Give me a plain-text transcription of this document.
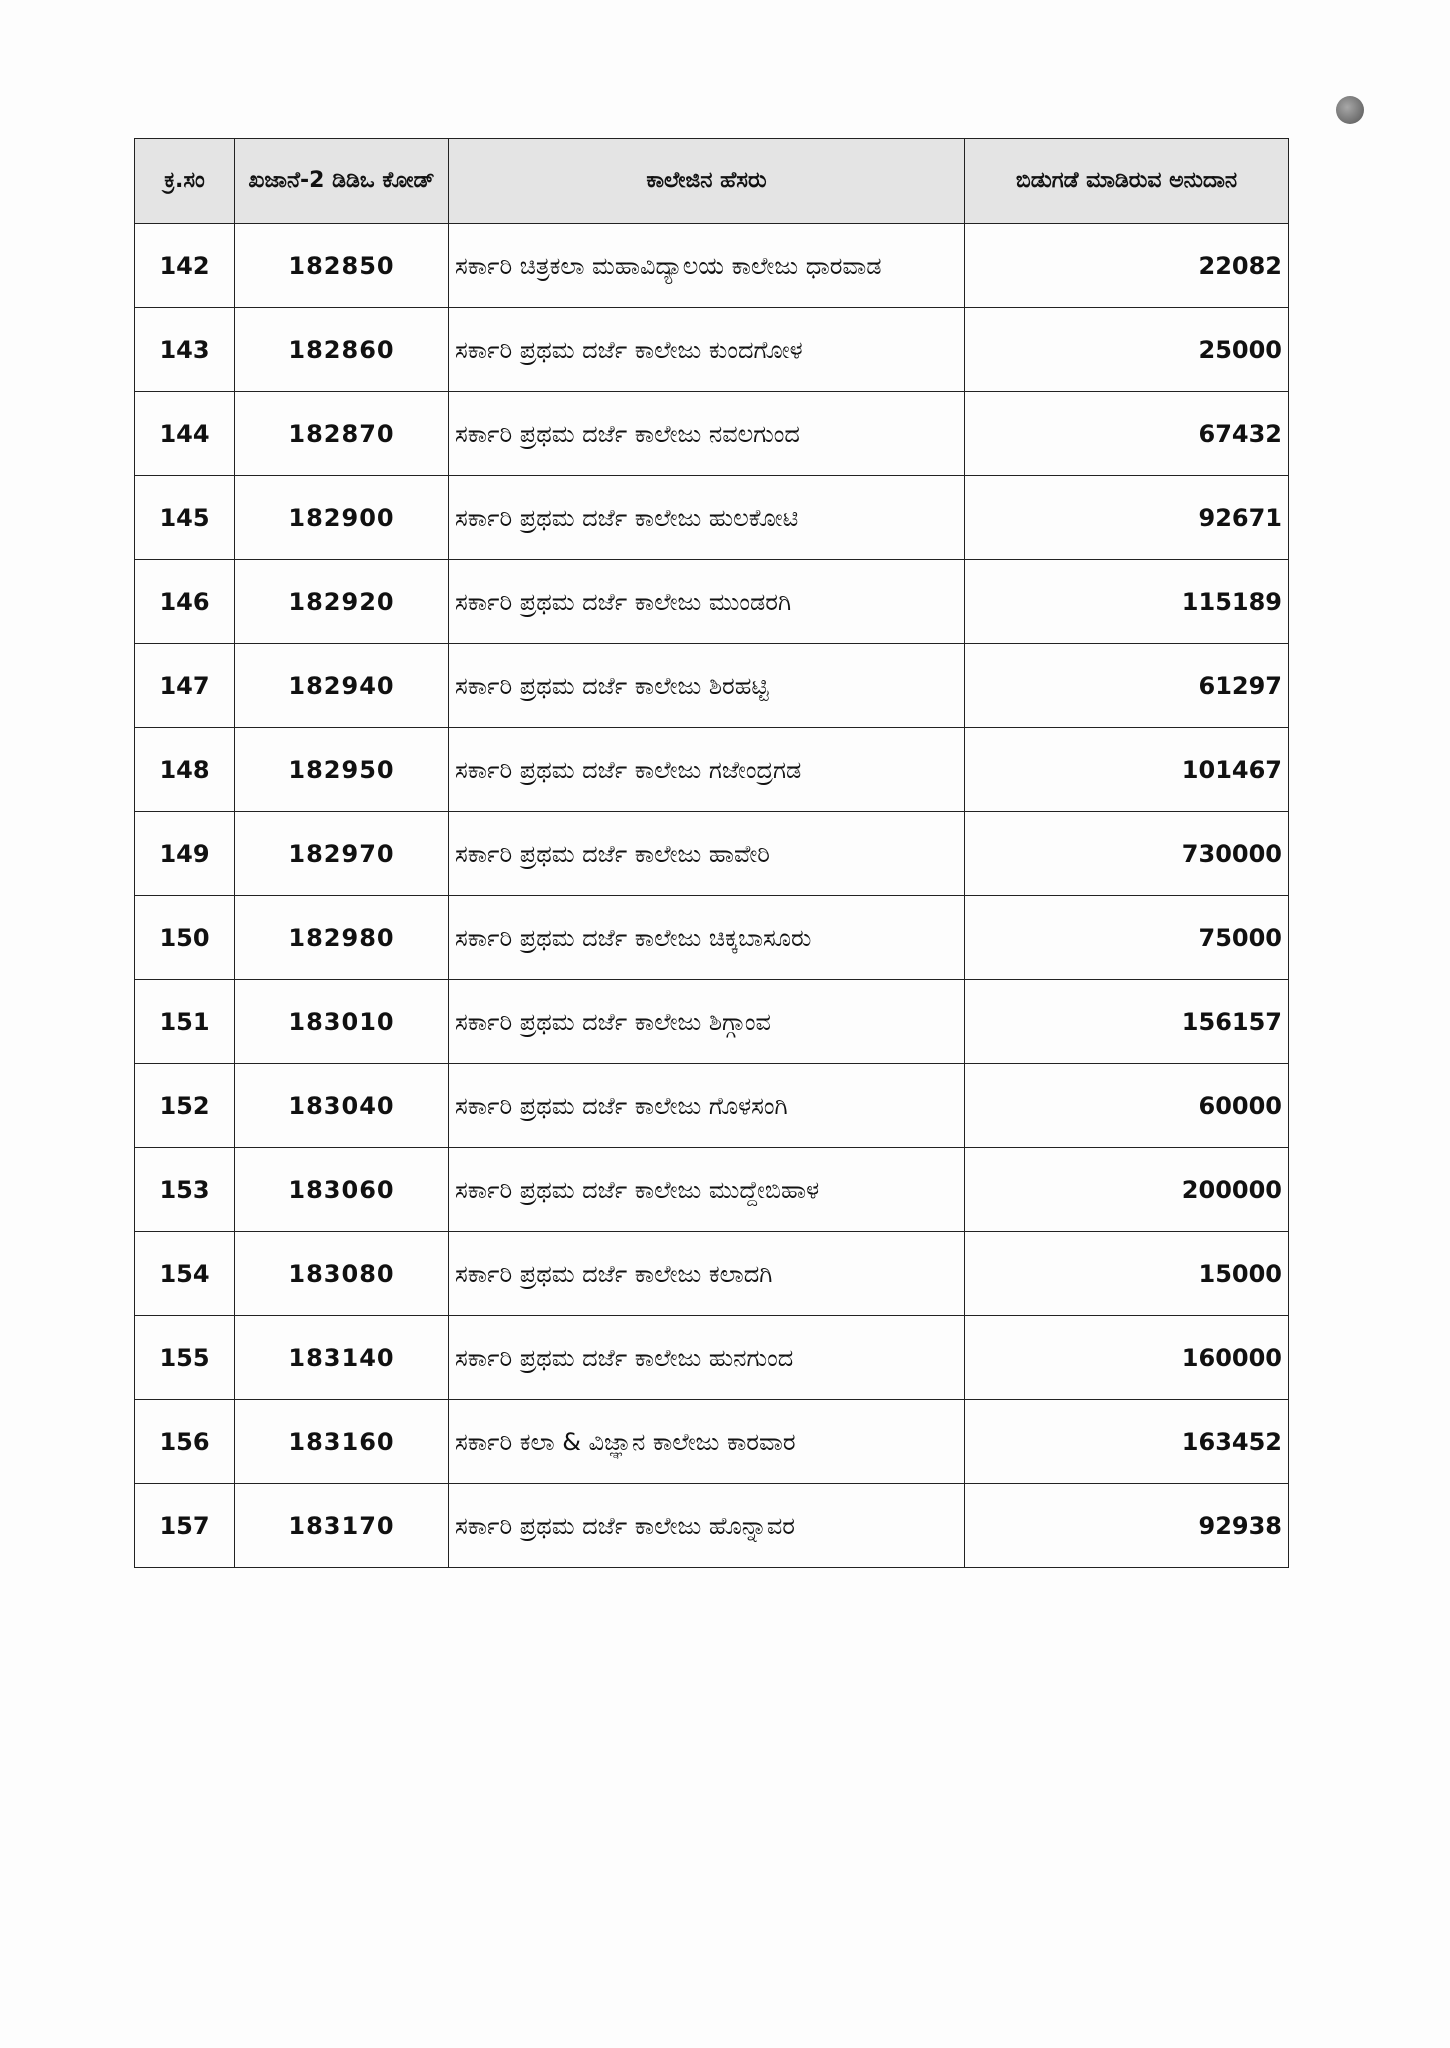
ಕ್ರ.ಸಂ	ಖಜಾನೆ-2 ಡಿಡಿಒ ಕೋಡ್	ಕಾಲೇಜಿನ ಹೆಸರು	ಬಿಡುಗಡೆ ಮಾಡಿರುವ ಅನುದಾನ
142	182850	ಸರ್ಕಾರಿ ಚಿತ್ರಕಲಾ ಮಹಾವಿದ್ಯಾಲಯ ಕಾಲೇಜು ಧಾರವಾಡ	22082
143	182860	ಸರ್ಕಾರಿ ಪ್ರಥಮ ದರ್ಜೆ ಕಾಲೇಜು ಕುಂದಗೋಳ	25000
144	182870	ಸರ್ಕಾರಿ ಪ್ರಥಮ ದರ್ಜೆ ಕಾಲೇಜು ನವಲಗುಂದ	67432
145	182900	ಸರ್ಕಾರಿ ಪ್ರಥಮ ದರ್ಜೆ ಕಾಲೇಜು ಹುಲಕೋಟಿ	92671
146	182920	ಸರ್ಕಾರಿ ಪ್ರಥಮ ದರ್ಜೆ ಕಾಲೇಜು ಮುಂಡರಗಿ	115189
147	182940	ಸರ್ಕಾರಿ ಪ್ರಥಮ ದರ್ಜೆ ಕಾಲೇಜು ಶಿರಹಟ್ಟಿ	61297
148	182950	ಸರ್ಕಾರಿ ಪ್ರಥಮ ದರ್ಜೆ ಕಾಲೇಜು ಗಜೇಂದ್ರಗಡ	101467
149	182970	ಸರ್ಕಾರಿ ಪ್ರಥಮ ದರ್ಜೆ ಕಾಲೇಜು ಹಾವೇರಿ	730000
150	182980	ಸರ್ಕಾರಿ ಪ್ರಥಮ ದರ್ಜೆ ಕಾಲೇಜು ಚಿಕ್ಕಬಾಸೂರು	75000
151	183010	ಸರ್ಕಾರಿ ಪ್ರಥಮ ದರ್ಜೆ ಕಾಲೇಜು ಶಿಗ್ಗಾಂವ	156157
152	183040	ಸರ್ಕಾರಿ ಪ್ರಥಮ ದರ್ಜೆ ಕಾಲೇಜು ಗೊಳಸಂಗಿ	60000
153	183060	ಸರ್ಕಾರಿ ಪ್ರಥಮ ದರ್ಜೆ ಕಾಲೇಜು ಮುದ್ದೇಬಿಹಾಳ	200000
154	183080	ಸರ್ಕಾರಿ ಪ್ರಥಮ ದರ್ಜೆ ಕಾಲೇಜು ಕಲಾದಗಿ	15000
155	183140	ಸರ್ಕಾರಿ ಪ್ರಥಮ ದರ್ಜೆ ಕಾಲೇಜು ಹುನಗುಂದ	160000
156	183160	ಸರ್ಕಾರಿ ಕಲಾ & ವಿಜ್ಞಾನ ಕಾಲೇಜು ಕಾರವಾರ	163452
157	183170	ಸರ್ಕಾರಿ ಪ್ರಥಮ ದರ್ಜೆ ಕಾಲೇಜು ಹೊನ್ನಾವರ	92938
